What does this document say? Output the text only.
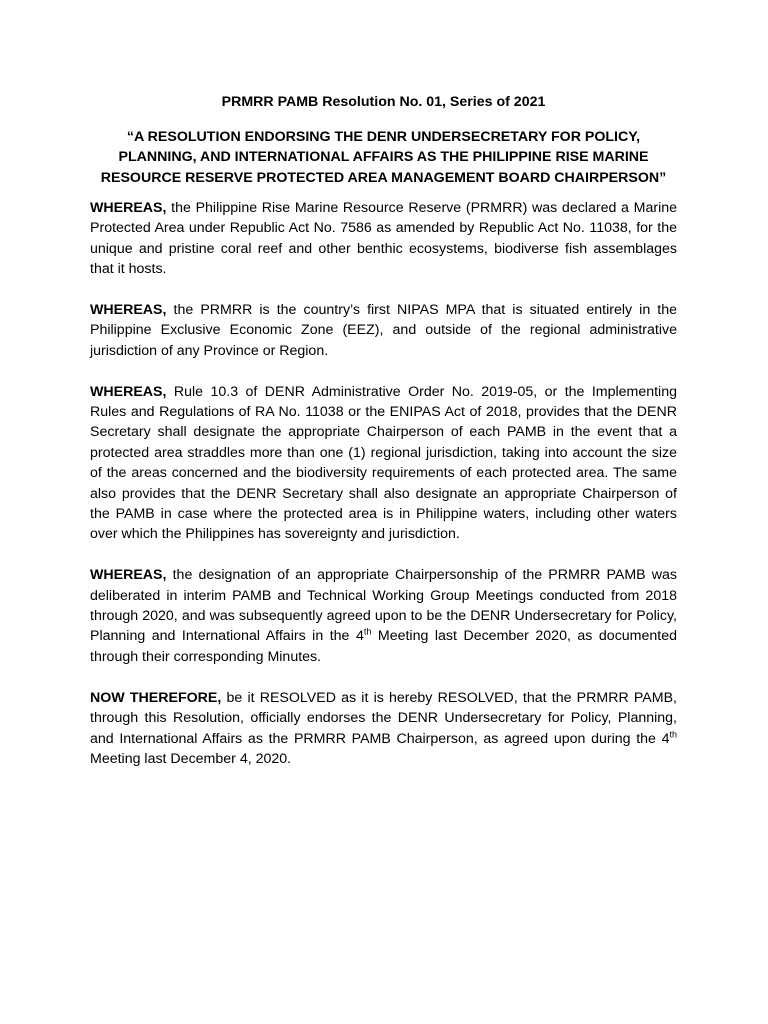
PRMRR PAMB Resolution No. 01, Series of 2021

“A RESOLUTION ENDORSING THE DENR UNDERSECRETARY FOR POLICY, PLANNING, AND INTERNATIONAL AFFAIRS AS THE PHILIPPINE RISE MARINE RESOURCE RESERVE PROTECTED AREA MANAGEMENT BOARD CHAIRPERSON”

WHEREAS, the Philippine Rise Marine Resource Reserve (PRMRR) was declared a Marine Protected Area under Republic Act No. 7586 as amended by Republic Act No. 11038, for the unique and pristine coral reef and other benthic ecosystems, biodiverse fish assemblages that it hosts.

WHEREAS, the PRMRR is the country’s first NIPAS MPA that is situated entirely in the Philippine Exclusive Economic Zone (EEZ), and outside of the regional administrative jurisdiction of any Province or Region.

WHEREAS, Rule 10.3 of DENR Administrative Order No. 2019-05, or the Implementing Rules and Regulations of RA No. 11038 or the ENIPAS Act of 2018, provides that the DENR Secretary shall designate the appropriate Chairperson of each PAMB in the event that a protected area straddles more than one (1) regional jurisdiction, taking into account the size of the areas concerned and the biodiversity requirements of each protected area. The same also provides that the DENR Secretary shall also designate an appropriate Chairperson of the PAMB in case where the protected area is in Philippine waters, including other waters over which the Philippines has sovereignty and jurisdiction.

WHEREAS, the designation of an appropriate Chairpersonship of the PRMRR PAMB was deliberated in interim PAMB and Technical Working Group Meetings conducted from 2018 through 2020, and was subsequently agreed upon to be the DENR Undersecretary for Policy, Planning and International Affairs in the 4th Meeting last December 2020, as documented through their corresponding Minutes.

NOW THEREFORE, be it RESOLVED as it is hereby RESOLVED, that the PRMRR PAMB, through this Resolution, officially endorses the DENR Undersecretary for Policy, Planning, and International Affairs as the PRMRR PAMB Chairperson, as agreed upon during the 4th Meeting last December 4, 2020.
